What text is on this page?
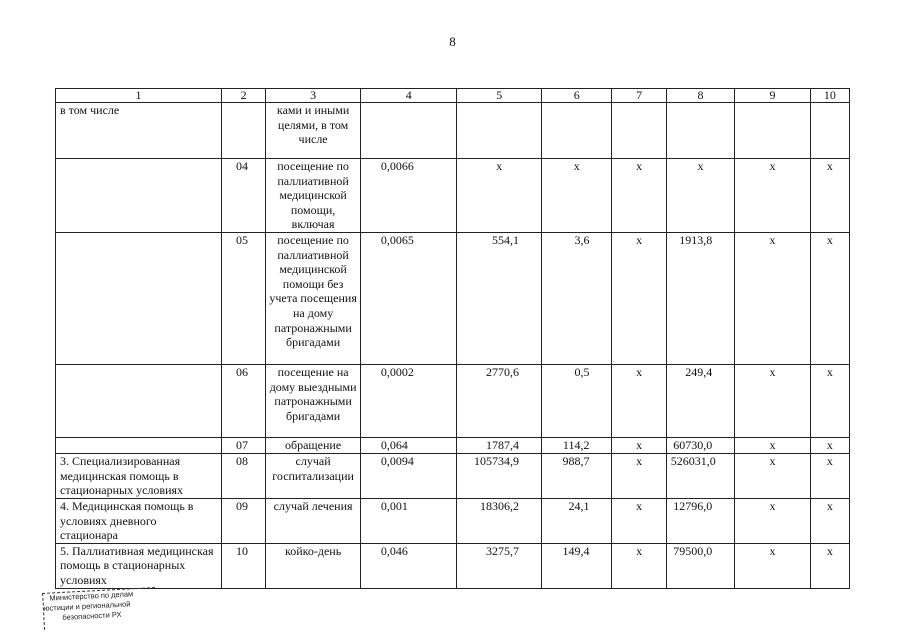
8
1	2	3	4	5	6	7	8	9	10
в том числе		ками и иными целями, в том числе							
	04	посещение по паллиативной медицинской помощи, включая	0,0066	х	х	х	х	х	х
	05	посещение по паллиативной медицинской помощи без учета посещения на дому патронажными бригадами	0,0065	554,1	3,6	х	1913,8	х	х
	06	посещение на дому выездными патронажными бригадами	0,0002	2770,6	0,5	х	249,4	х	х
	07	обращение	0,064	1787,4	114,2	х	60730,0	х	х
3. Специализированная медицинская помощь в стационарных условиях	08	случай госпитализации	0,0094	105734,9	988,7	х	526031,0	х	х
4. Медицинская помощь в условиях дневного стационара	09	случай лечения	0,001	18306,2	24,1	х	12796,0	х	х
5. Паллиативная медицинская помощь в стационарных условиях	10	койко-день	0,046	3275,7	149,4	х	79500,0	х	х
Министерство по делам
юстиции и региональной
безопасности РХ
